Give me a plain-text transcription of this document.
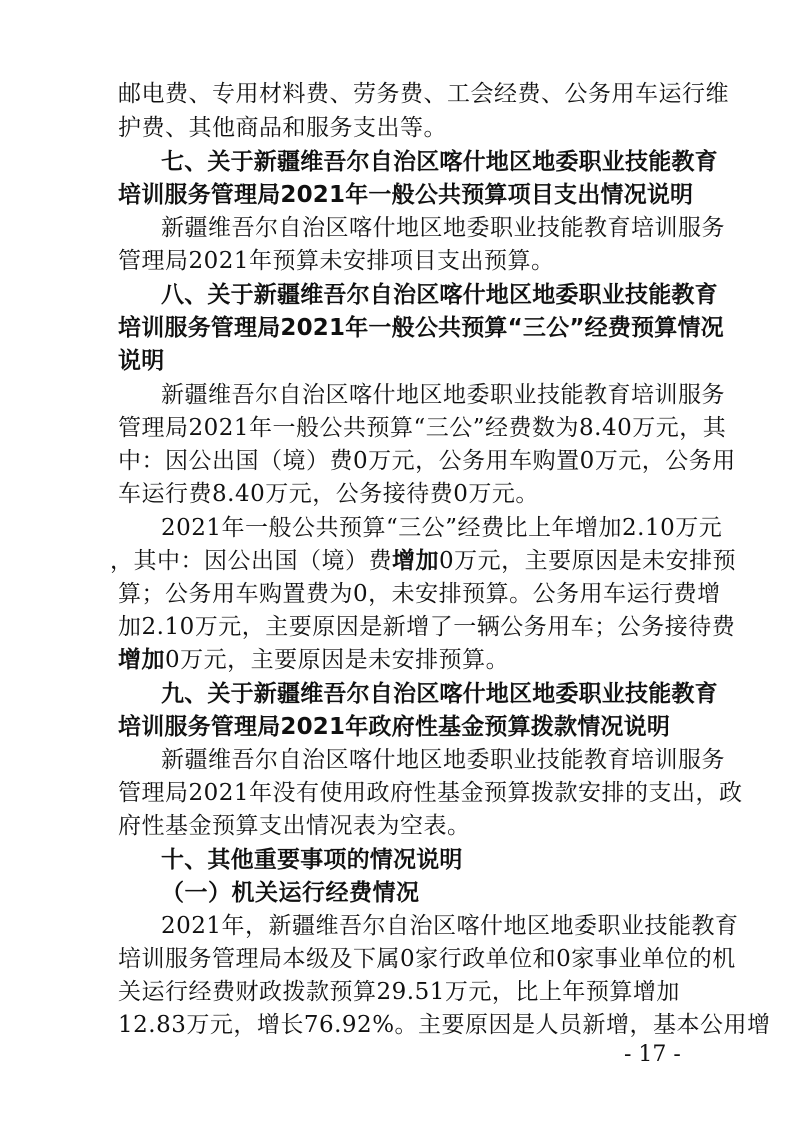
邮电费、专用材料费、劳务费、工会经费、公务用车运行维
护费、其他商品和服务支出等。
七、关于新疆维吾尔自治区喀什地区地委职业技能教育
培训服务管理局2021年一般公共预算项目支出情况说明
新疆维吾尔自治区喀什地区地委职业技能教育培训服务
管理局2021年预算未安排项目支出预算。
八、关于新疆维吾尔自治区喀什地区地委职业技能教育
培训服务管理局2021年一般公共预算“三公”经费预算情况
说明
新疆维吾尔自治区喀什地区地委职业技能教育培训服务
管理局2021年一般公共预算“三公”经费数为8.40万元，其
中：因公出国（境）费0万元，公务用车购置0万元，公务用
车运行费8.40万元，公务接待费0万元。
2021年一般公共预算“三公”经费比上年增加2.10万元
，其中：因公出国（境）费增加0万元，主要原因是未安排预
算；公务用车购置费为0，未安排预算。公务用车运行费增
加2.10万元，主要原因是新增了一辆公务用车；公务接待费
增加0万元，主要原因是未安排预算。
九、关于新疆维吾尔自治区喀什地区地委职业技能教育
培训服务管理局2021年政府性基金预算拨款情况说明
新疆维吾尔自治区喀什地区地委职业技能教育培训服务
管理局2021年没有使用政府性基金预算拨款安排的支出，政
府性基金预算支出情况表为空表。
十、其他重要事项的情况说明
（一）机关运行经费情况
2021年，新疆维吾尔自治区喀什地区地委职业技能教育
培训服务管理局本级及下属0家行政单位和0家事业单位的机
关运行经费财政拨款预算29.51万元，比上年预算增加
12.83万元，增长76.92%。主要原因是人员新增，基本公用增
- 17 -
